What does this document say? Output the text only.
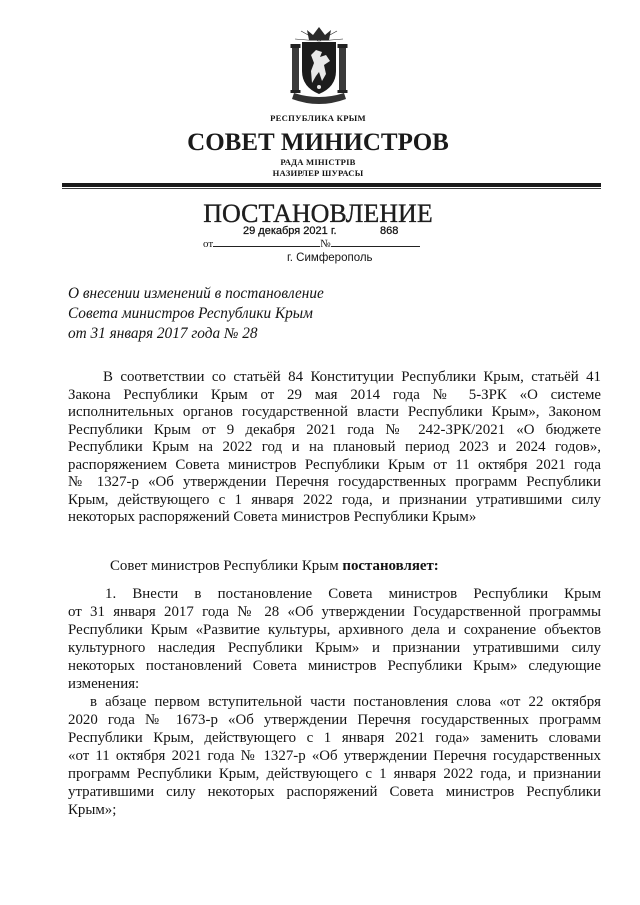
РЕСПУБЛИКА КРЫМ
СОВЕТ МИНИСТРОВ
РАДА МІНІСТРІВ
НАЗИРЛЕР ШУРАСЫ
ПОСТАНОВЛЕНИЕ
29 декабря 2021 г.	868
от	№
г. Симферополь
О внесении изменений в постановление
Совета министров Республики Крым
от 31 января 2017 года № 28
В соответствии со статьёй 84 Конституции Республики Крым, статьёй 41
Закона Республики Крым от 29 мая 2014 года № 5-ЗРК «О системе
исполнительных органов государственной власти Республики Крым», Законом
Республики Крым от 9 декабря 2021 года № 242-ЗРК/2021 «О бюджете
Республики Крым на 2022 год и на плановый период 2023 и 2024 годов»,
распоряжением Совета министров Республики Крым от 11 октября 2021 года
№ 1327-р «Об утверждении Перечня государственных программ Республики
Крым, действующего с 1 января 2022 года, и признании утратившими силу
некоторых распоряжений Совета министров Республики Крым»
Совет министров Республики Крым постановляет:
1. Внести в постановление Совета министров Республики Крым
от 31 января 2017 года № 28 «Об утверждении Государственной программы
Республики Крым «Развитие культуры, архивного дела и сохранение объектов
культурного наследия Республики Крым» и признании утратившими силу
некоторых постановлений Совета министров Республики Крым» следующие
изменения:
в абзаце первом вступительной части постановления слова «от 22 октября
2020 года № 1673-р «Об утверждении Перечня государственных программ
Республики Крым, действующего с 1 января 2021 года» заменить словами
«от 11 октября 2021 года № 1327-р «Об утверждении Перечня государственных
программ Республики Крым, действующего с 1 января 2022 года, и признании
утратившими силу некоторых распоряжений Совета министров Республики
Крым»;
